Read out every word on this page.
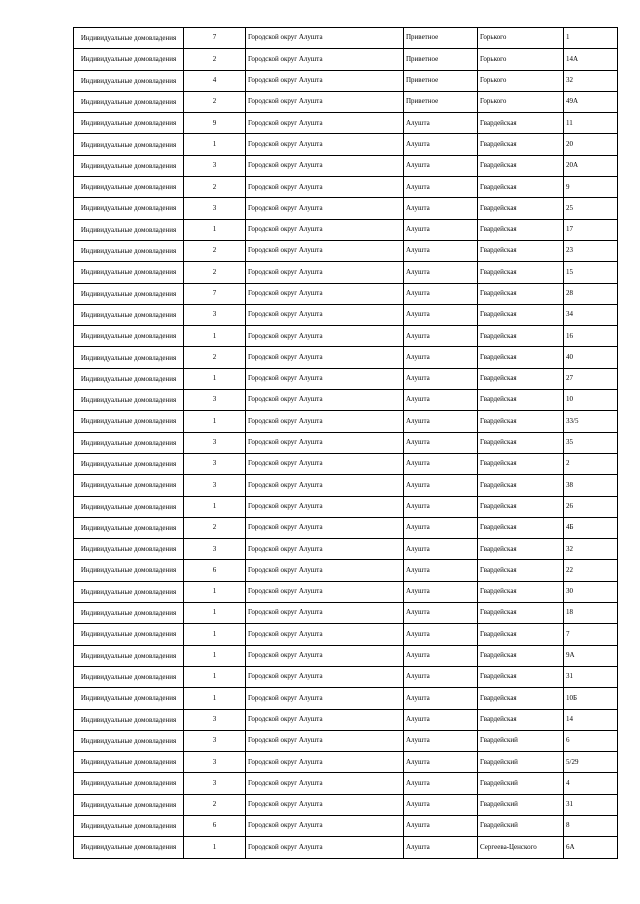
Индивидуальные домовладения	7	Городской округ Алушта	Приветное	Горького	1
Индивидуальные домовладения	2	Городской округ Алушта	Приветное	Горького	14А
Индивидуальные домовладения	4	Городской округ Алушта	Приветное	Горького	32
Индивидуальные домовладения	2	Городской округ Алушта	Приветное	Горького	49А
Индивидуальные домовладения	9	Городской округ Алушта	Алушта	Гвардейская	11
Индивидуальные домовладения	1	Городской округ Алушта	Алушта	Гвардейская	20
Индивидуальные домовладения	3	Городской округ Алушта	Алушта	Гвардейская	20А
Индивидуальные домовладения	2	Городской округ Алушта	Алушта	Гвардейская	9
Индивидуальные домовладения	3	Городской округ Алушта	Алушта	Гвардейская	25
Индивидуальные домовладения	1	Городской округ Алушта	Алушта	Гвардейская	17
Индивидуальные домовладения	2	Городской округ Алушта	Алушта	Гвардейская	23
Индивидуальные домовладения	2	Городской округ Алушта	Алушта	Гвардейская	15
Индивидуальные домовладения	7	Городской округ Алушта	Алушта	Гвардейская	28
Индивидуальные домовладения	3	Городской округ Алушта	Алушта	Гвардейская	34
Индивидуальные домовладения	1	Городской округ Алушта	Алушта	Гвардейская	16
Индивидуальные домовладения	2	Городской округ Алушта	Алушта	Гвардейская	40
Индивидуальные домовладения	1	Городской округ Алушта	Алушта	Гвардейская	27
Индивидуальные домовладения	3	Городской округ Алушта	Алушта	Гвардейская	10
Индивидуальные домовладения	1	Городской округ Алушта	Алушта	Гвардейская	33/5
Индивидуальные домовладения	3	Городской округ Алушта	Алушта	Гвардейская	35
Индивидуальные домовладения	3	Городской округ Алушта	Алушта	Гвардейская	2
Индивидуальные домовладения	3	Городской округ Алушта	Алушта	Гвардейская	38
Индивидуальные домовладения	1	Городской округ Алушта	Алушта	Гвардейская	26
Индивидуальные домовладения	2	Городской округ Алушта	Алушта	Гвардейская	4Б
Индивидуальные домовладения	3	Городской округ Алушта	Алушта	Гвардейская	32
Индивидуальные домовладения	6	Городской округ Алушта	Алушта	Гвардейская	22
Индивидуальные домовладения	1	Городской округ Алушта	Алушта	Гвардейская	30
Индивидуальные домовладения	1	Городской округ Алушта	Алушта	Гвардейская	18
Индивидуальные домовладения	1	Городской округ Алушта	Алушта	Гвардейская	7
Индивидуальные домовладения	1	Городской округ Алушта	Алушта	Гвардейская	9А
Индивидуальные домовладения	1	Городской округ Алушта	Алушта	Гвардейская	31
Индивидуальные домовладения	1	Городской округ Алушта	Алушта	Гвардейская	10Б
Индивидуальные домовладения	3	Городской округ Алушта	Алушта	Гвардейская	14
Индивидуальные домовладения	3	Городской округ Алушта	Алушта	Гвардейский	6
Индивидуальные домовладения	3	Городской округ Алушта	Алушта	Гвардейский	5/29
Индивидуальные домовладения	3	Городской округ Алушта	Алушта	Гвардейский	4
Индивидуальные домовладения	2	Городской округ Алушта	Алушта	Гвардейский	31
Индивидуальные домовладения	6	Городской округ Алушта	Алушта	Гвардейский	8
Индивидуальные домовладения	1	Городской округ Алушта	Алушта	Сергеева-Ценского	6А
